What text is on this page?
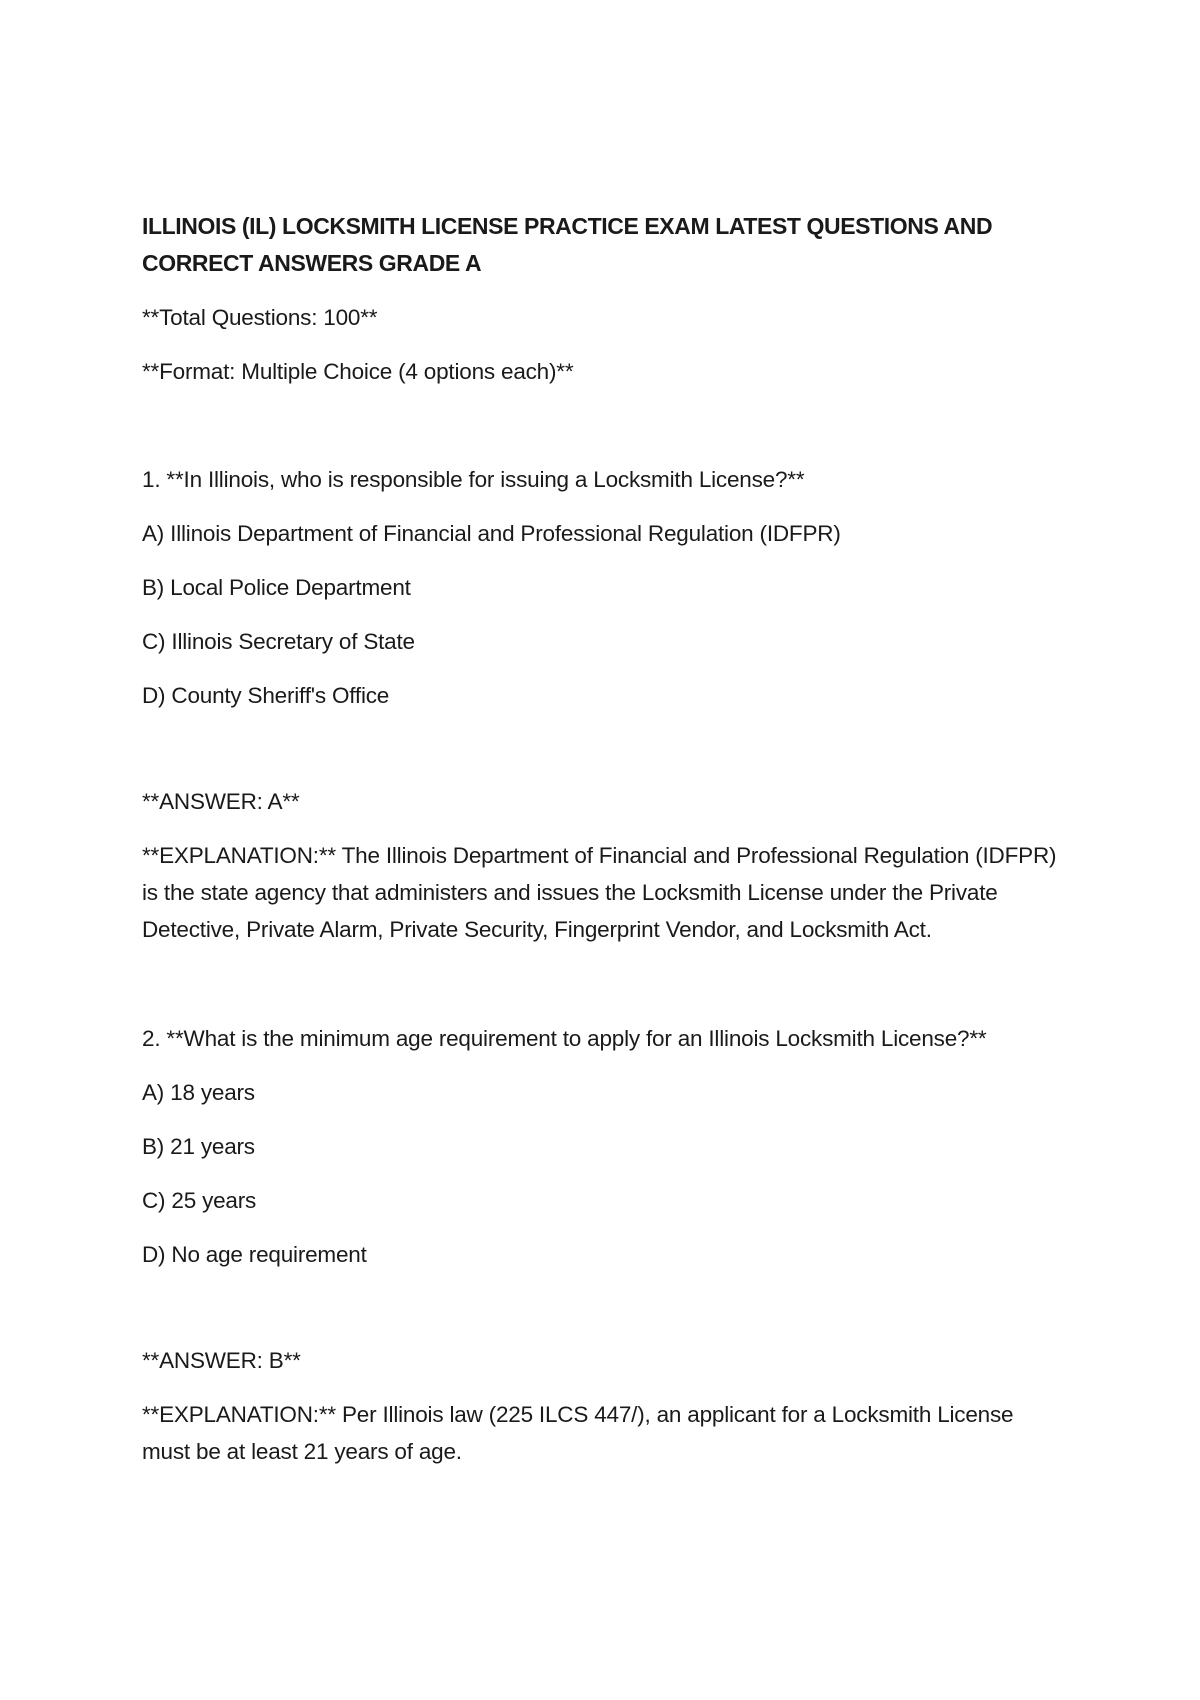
ILLINOIS (IL) LOCKSMITH LICENSE PRACTICE EXAM LATEST QUESTIONS AND CORRECT ANSWERS GRADE A

**Total Questions: 100**

**Format: Multiple Choice (4 options each)**

1. **In Illinois, who is responsible for issuing a Locksmith License?**

A) Illinois Department of Financial and Professional Regulation (IDFPR)

B) Local Police Department

C) Illinois Secretary of State

D) County Sheriff's Office

**ANSWER: A**

**EXPLANATION:** The Illinois Department of Financial and Professional Regulation (IDFPR) is the state agency that administers and issues the Locksmith License under the Private Detective, Private Alarm, Private Security, Fingerprint Vendor, and Locksmith Act.

2. **What is the minimum age requirement to apply for an Illinois Locksmith License?**

A) 18 years

B) 21 years

C) 25 years

D) No age requirement

**ANSWER: B**

**EXPLANATION:** Per Illinois law (225 ILCS 447/), an applicant for a Locksmith License must be at least 21 years of age.
